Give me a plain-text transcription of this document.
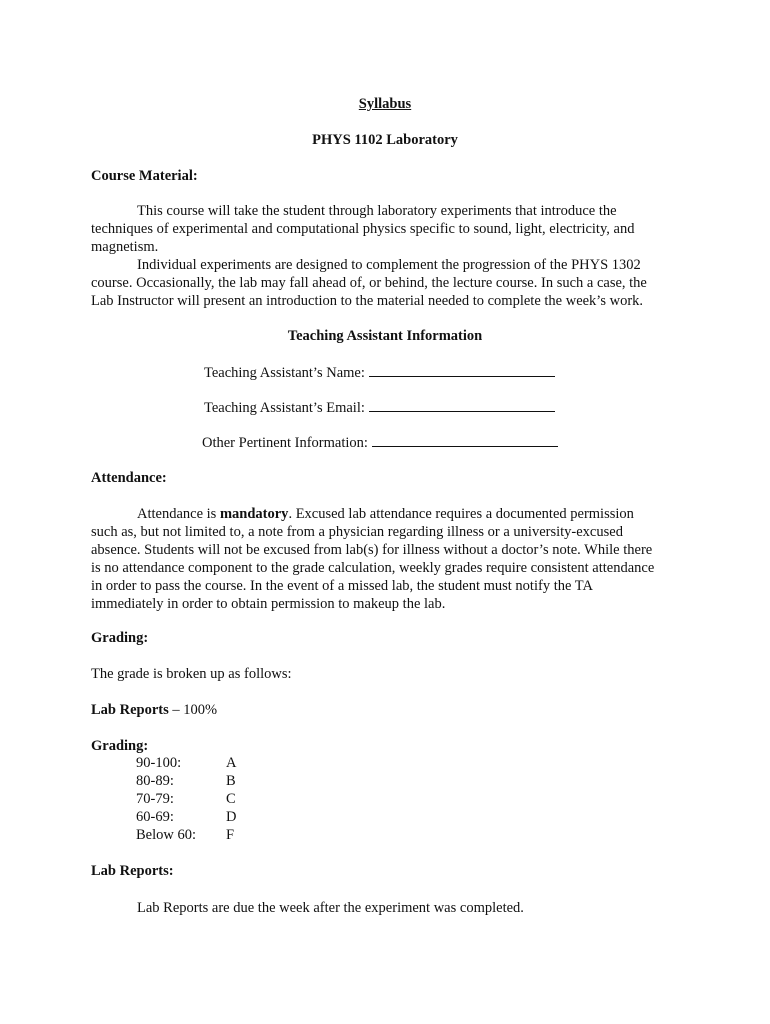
Syllabus
PHYS 1102 Laboratory
Course Material:
This course will take the student through laboratory experiments that introduce the
techniques of experimental and computational physics specific to sound, light, electricity, and
magnetism.
Individual experiments are designed to complement the progression of the PHYS 1302
course. Occasionally, the lab may fall ahead of, or behind, the lecture course. In such a case, the
Lab Instructor will present an introduction to the material needed to complete the week’s work.
Teaching Assistant Information
Teaching Assistant’s Name:
Teaching Assistant’s Email:
Other Pertinent Information:
Attendance:
Attendance is mandatory. Excused lab attendance requires a documented permission
such as, but not limited to, a note from a physician regarding illness or a university-excused
absence. Students will not be excused from lab(s) for illness without a doctor’s note. While there
is no attendance component to the grade calculation, weekly grades require consistent attendance
in order to pass the course. In the event of a missed lab, the student must notify the TA
immediately in order to obtain permission to makeup the lab.
Grading:
The grade is broken up as follows:
Lab Reports – 100%
Grading:
90-100:	A
80-89:	B
70-79:	C
60-69:	D
Below 60: F
Lab Reports:
Lab Reports are due the week after the experiment was completed.
